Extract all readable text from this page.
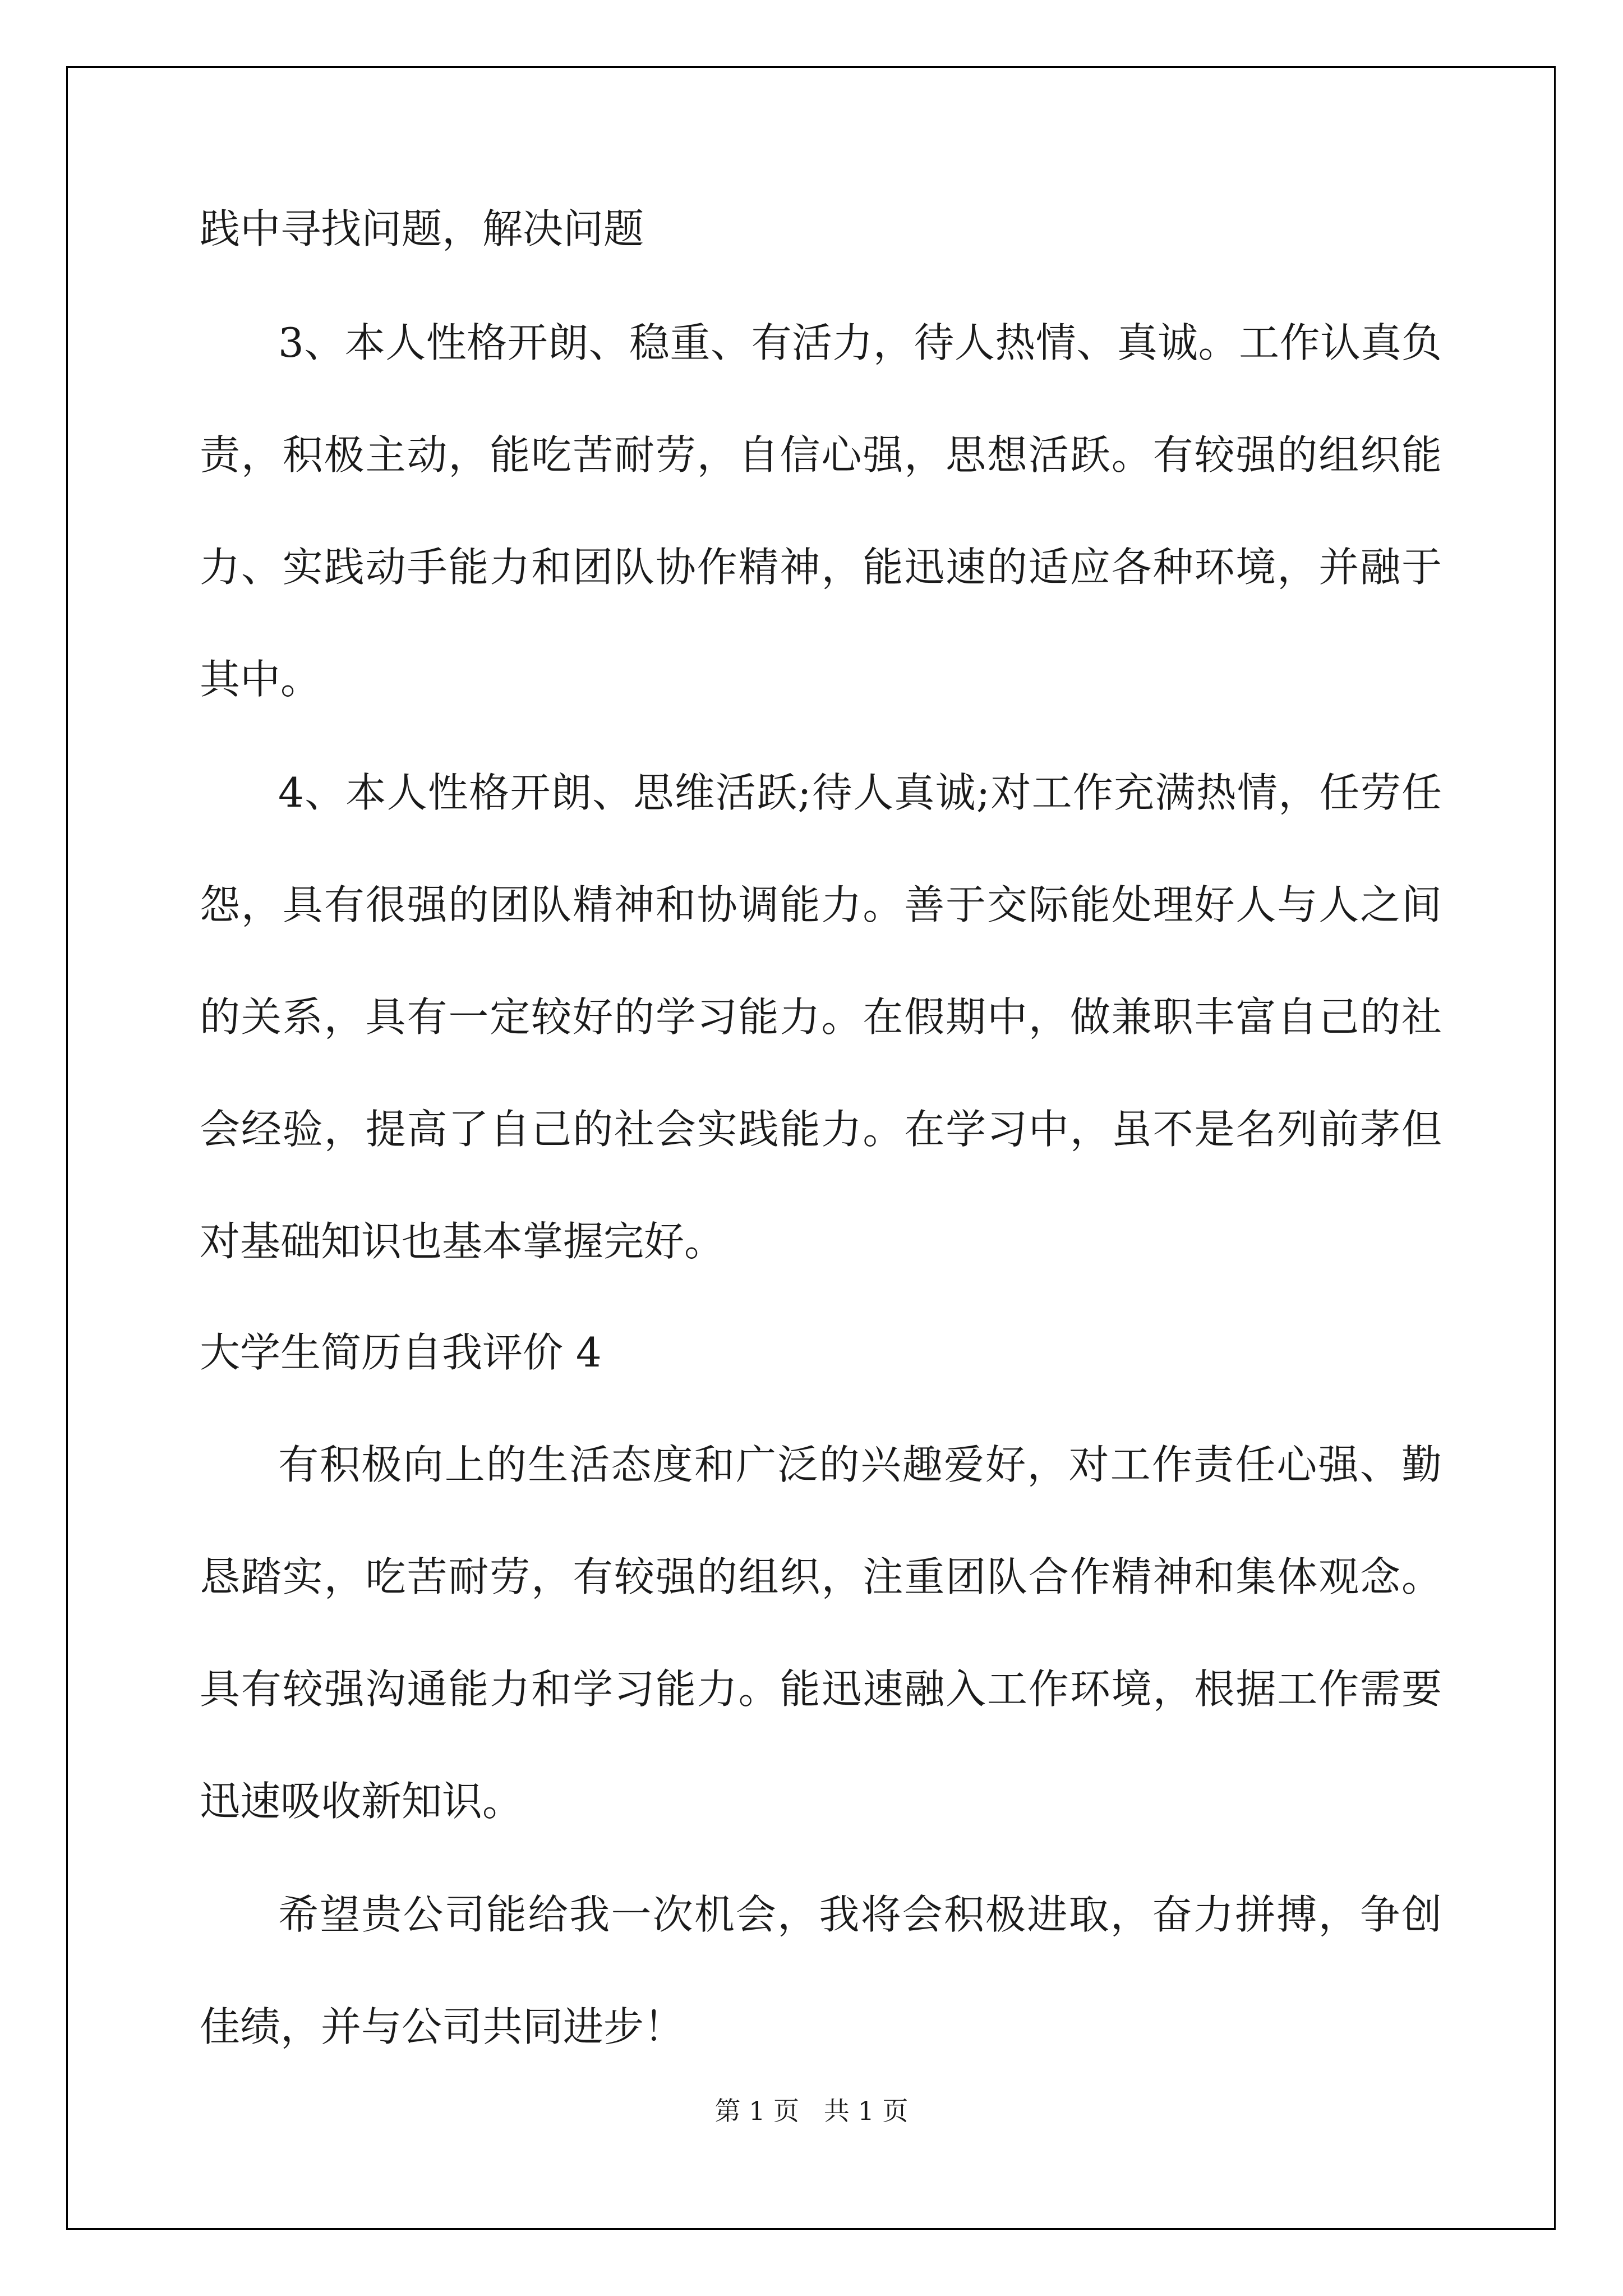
践中寻找问题，解决问题
3、本人性格开朗、稳重、有活力，待人热情、真诚。工作认真负
责，积极主动，能吃苦耐劳，自信心强，思想活跃。有较强的组织能
力、实践动手能力和团队协作精神，能迅速的适应各种环境，并融于
其中。
4、本人性格开朗、思维活跃;待人真诚;对工作充满热情，任劳任
怨，具有很强的团队精神和协调能力。善于交际能处理好人与人之间
的关系，具有一定较好的学习能力。在假期中，做兼职丰富自己的社
会经验，提高了自己的社会实践能力。在学习中，虽不是名列前茅但
对基础知识也基本掌握完好。
大学生简历自我评价 4
有积极向上的生活态度和广泛的兴趣爱好，对工作责任心强、勤
恳踏实，吃苦耐劳，有较强的组织，注重团队合作精神和集体观念。
具有较强沟通能力和学习能力。能迅速融入工作环境，根据工作需要
迅速吸收新知识。
希望贵公司能给我一次机会，我将会积极进取，奋力拼搏，争创
佳绩，并与公司共同进步！
第 1 页   共 1 页
